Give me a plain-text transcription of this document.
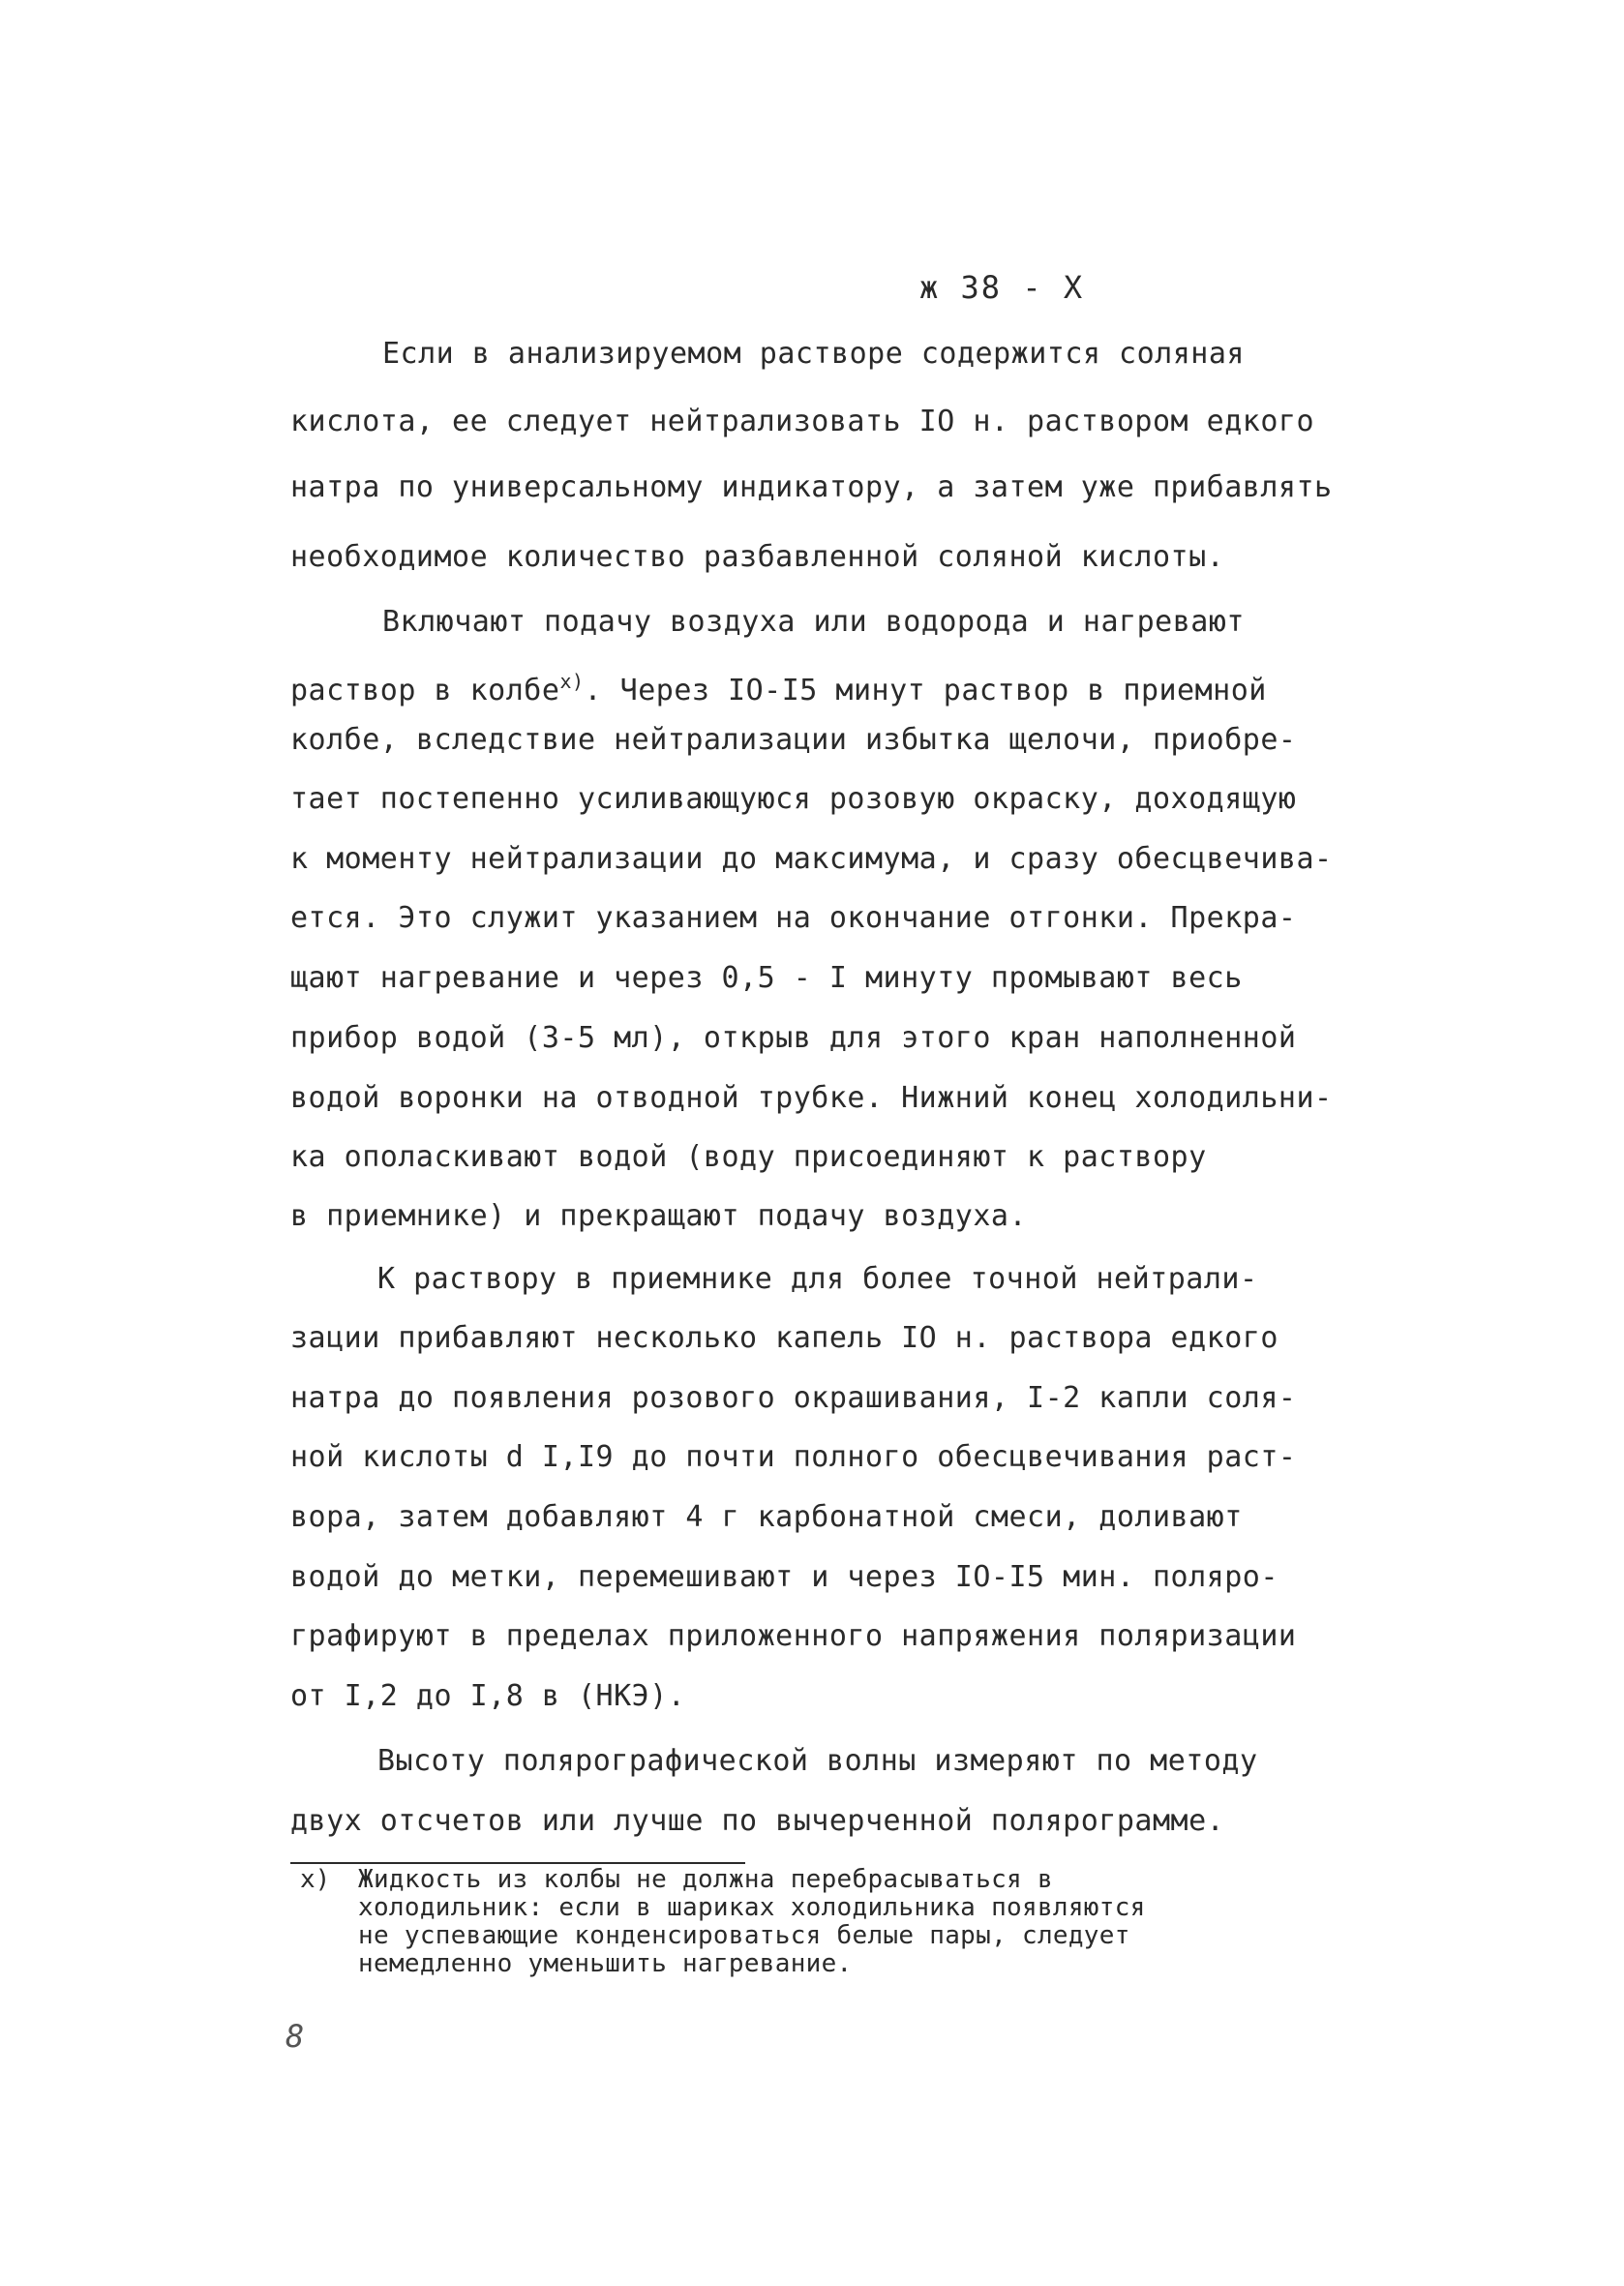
ж 38 - Х
Если в анализируемом растворе содержится соляная
кислота, ее следует нейтрализовать IO н. раствором едкого
натра по универсальному индикатору, а затем уже прибавлять
необходимое количество разбавленной соляной кислоты.
Включают подачу воздуха или водорода и нагревают
раствор в колбе$^{x)}$. Через IO-I5 минут раствор в приемной
колбе, вследствие нейтрализации избытка щелочи, приобре-
тает постепенно усиливающуюся розовую окраску, доходящую
к моменту нейтрализации до максимума, и сразу обесцвечива-
ется. Это служит указанием на окончание отгонки. Прекра-
щают нагревание и через 0,5 - I минуту промывают весь
прибор водой (3-5 мл), открыв для этого кран наполненной
водой воронки на отводной трубке. Нижний конец холодильни-
ка ополаскивают водой (воду присоединяют к раствору
в приемнике) и прекращают подачу воздуха.
К раствору в приемнике для более точной нейтрали-
зации прибавляют несколько капель IO н. раствора едкого
натра до появления розового окрашивания, I-2 капли соля-
ной кислоты d I,I9 до почти полного обесцвечивания раст-
вора, затем добавляют 4 г карбонатной смеси, доливают
водой до метки, перемешивают и через IO-I5 мин. поляро-
графируют в пределах приложенного напряжения поляризации
от I,2 до I,8 в (НКЭ).
Высоту полярографической волны измеряют по методу
двух отсчетов или лучше по вычерченной полярограмме.
х) Жидкость из колбы не должна перебрасываться в
холодильник: если в шариках холодильника появляются
не успевающие конденсироваться белые пары, следует
немедленно уменьшить нагревание.
8
